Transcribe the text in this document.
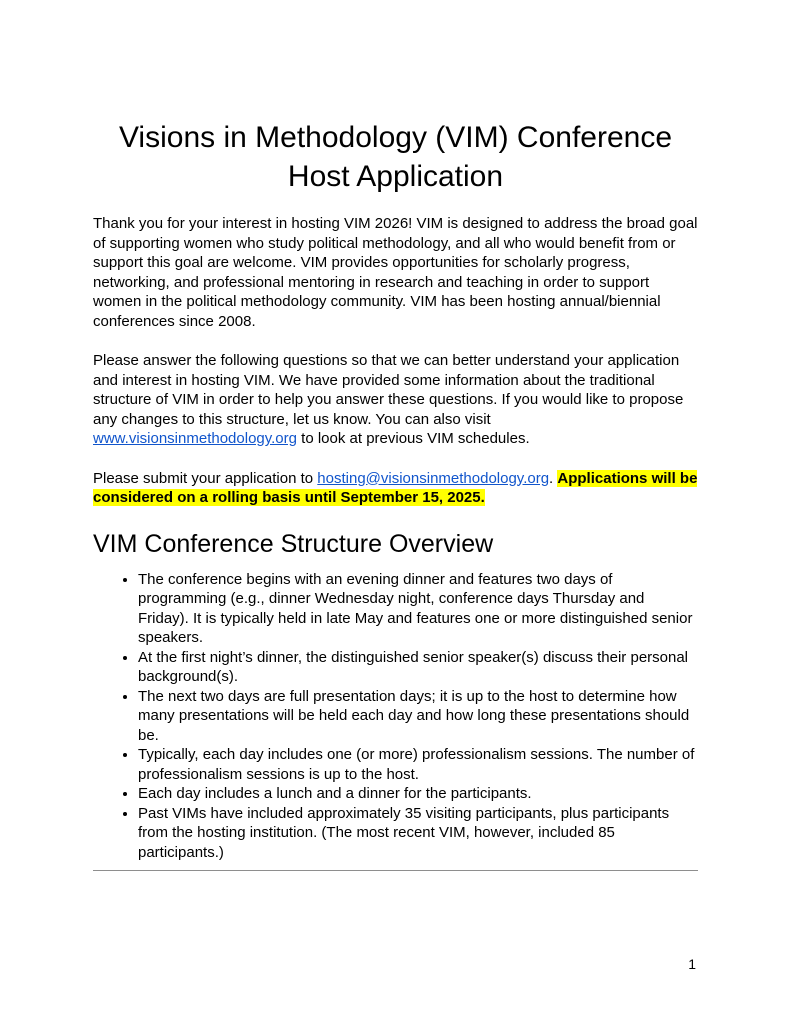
Visions in Methodology (VIM) Conference Host Application

Thank you for your interest in hosting VIM 2026! VIM is designed to address the broad goal of supporting women who study political methodology, and all who would benefit from or support this goal are welcome. VIM provides opportunities for scholarly progress, networking, and professional mentoring in research and teaching in order to support women in the political methodology community. VIM has been hosting annual/biennial conferences since 2008.

Please answer the following questions so that we can better understand your application and interest in hosting VIM. We have provided some information about the traditional structure of VIM in order to help you answer these questions. If you would like to propose any changes to this structure, let us know. You can also visit www.visionsinmethodology.org to look at previous VIM schedules.

Please submit your application to hosting@visionsinmethodology.org. Applications will be considered on a rolling basis until September 15, 2025.

VIM Conference Structure Overview
• The conference begins with an evening dinner and features two days of programming (e.g., dinner Wednesday night, conference days Thursday and Friday). It is typically held in late May and features one or more distinguished senior speakers.
• At the first night’s dinner, the distinguished senior speaker(s) discuss their personal background(s).
• The next two days are full presentation days; it is up to the host to determine how many presentations will be held each day and how long these presentations should be.
• Typically, each day includes one (or more) professionalism sessions. The number of professionalism sessions is up to the host.
• Each day includes a lunch and a dinner for the participants.
• Past VIMs have included approximately 35 visiting participants, plus participants from the hosting institution. (The most recent VIM, however, included 85 participants.)
1
